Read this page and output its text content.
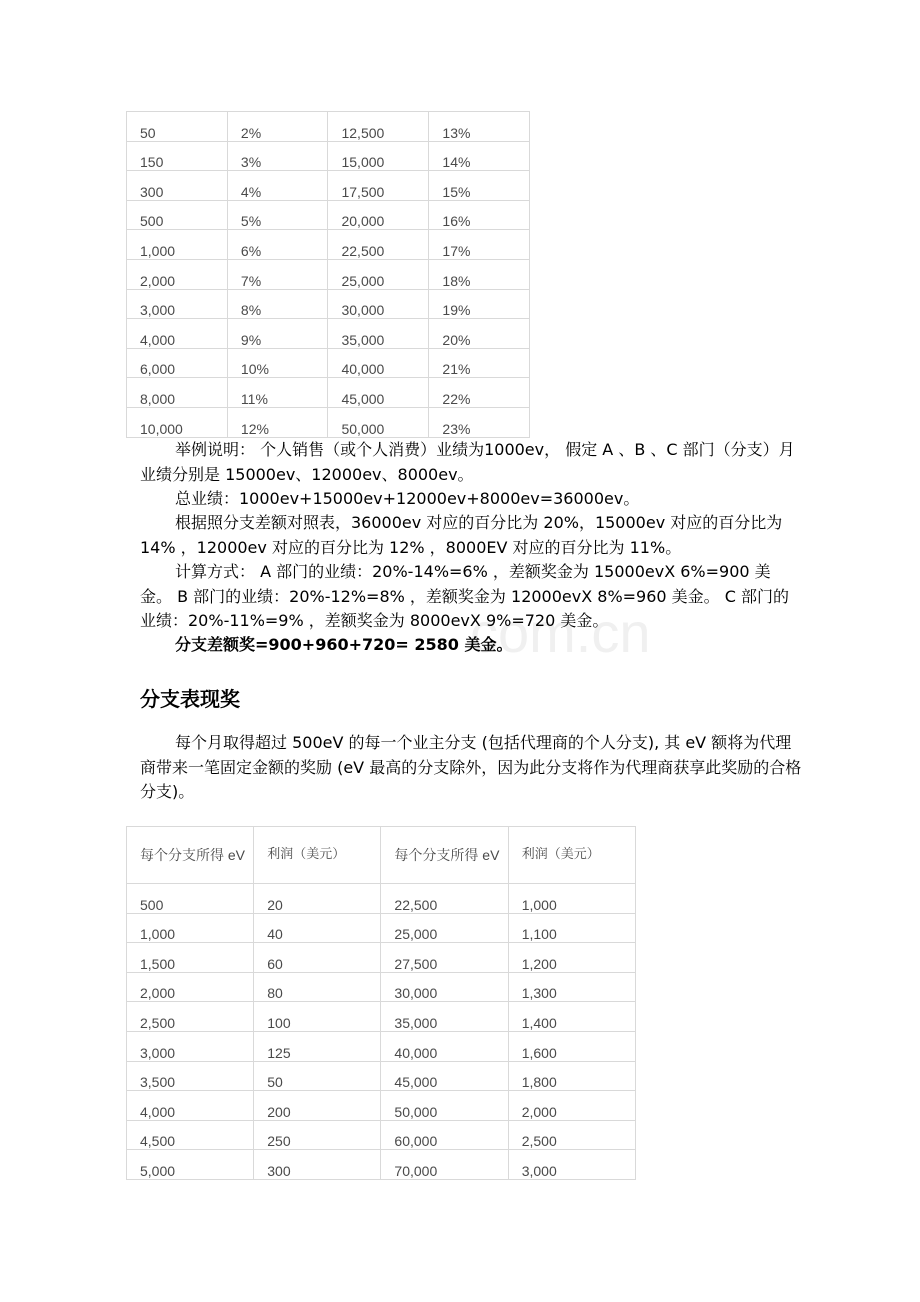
50	2%	12,500	13%
150	3%	15,000	14%
300	4%	17,500	15%
500	5%	20,000	16%
1,000	6%	22,500	17%
2,000	7%	25,000	18%
3,000	8%	30,000	19%
4,000	9%	35,000	20%
6,000	10%	40,000	21%
8,000	11%	45,000	22%
10,000	12%	50,000	23%
com.cn
举例说明： 个人销售（或个人消费）业绩为1000ev， 假定 A 、B 、C 部门（分支）月业绩分别是 15000ev、12000ev、8000ev。
总业绩：1000ev+15000ev+12000ev+8000ev=36000ev。
根据照分支差额对照表，36000ev 对应的百分比为 20%，15000ev 对应的百分比为 14% ，12000ev 对应的百分比为 12% ，8000EV 对应的百分比为 11%。
计算方式： A 部门的业绩：20%-14%=6% ，差额奖金为 15000evX 6%=900 美金。 B 部门的业绩：20%-12%=8% ，差额奖金为 12000evX 8%=960 美金。 C 部门的业绩：20%-11%=9% ，差额奖金为 8000evX 9%=720 美金。
分支差额奖=900+960+720= 2580 美金。
分支表现奖
每个月取得超过 500eV 的每一个业主分支 (包括代理商的个人分支), 其 eV 额将为代理商带来一笔固定金额的奖励 (eV 最高的分支除外，因为此分支将作为代理商获享此奖励的合格分支)。
每个分支所得 eV	利润（美元）	每个分支所得 eV	利润（美元）
500	20	22,500	1,000
1,000	40	25,000	1,100
1,500	60	27,500	1,200
2,000	80	30,000	1,300
2,500	100	35,000	1,400
3,000	125	40,000	1,600
3,500	50	45,000	1,800
4,000	200	50,000	2,000
4,500	250	60,000	2,500
5,000	300	70,000	3,000
